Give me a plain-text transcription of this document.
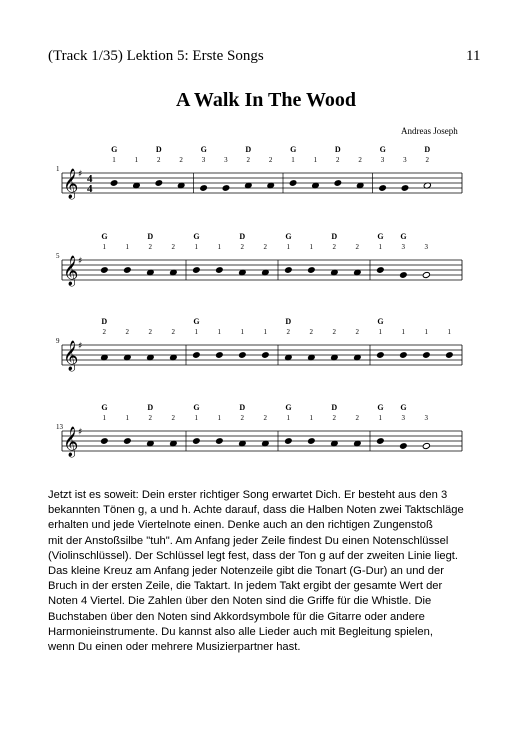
(Track 1/35) Lektion 5: Erste Songs	11
A Walk In The Wood
Andreas Joseph
1 𝄞 ♯ 4
4
1	1	2	2
G	D
3	3	2	2
G	D
1	1	2	2
G	D
3	3	2
G	D
5 𝄞 ♯
1	1	2	2
G	D
1	1	2	2
G	D
1	1	2	2
G	D
1	3	3
G G
9 𝄞 ♯
2	2	2	2
D
1	1	1	1
G
2	2	2	2
D
1	1	1	1
G
13 𝄞 ♯
1	1	2	2
G	D
1	1	2	2
G	D
1	1	2	2
G	D
1	3	3
G G
Jetzt ist es soweit: Dein erster richtiger Song erwartet Dich. Er besteht aus den 3
bekannten Tönen g, a und h. Achte darauf, dass die Halben Noten zwei Taktschläge
erhalten und jede Viertelnote einen. Denke auch an den richtigen Zungenstoß
mit der Anstoßsilbe "tuh". Am Anfang jeder Zeile findest Du einen Notenschlüssel
(Violinschlüssel). Der Schlüssel legt fest, dass der Ton g auf der zweiten Linie liegt.
Das kleine Kreuz am Anfang jeder Notenzeile gibt die Tonart (G-Dur) an und der
Bruch in der ersten Zeile, die Taktart. In jedem Takt ergibt der gesamte Wert der
Noten 4 Viertel. Die Zahlen über den Noten sind die Griffe für die Whistle. Die
Buchstaben über den Noten sind Akkordsymbole für die Gitarre oder andere
Harmonieinstrumente. Du kannst also alle Lieder auch mit Begleitung spielen,
wenn Du einen oder mehrere Musizierpartner hast.
